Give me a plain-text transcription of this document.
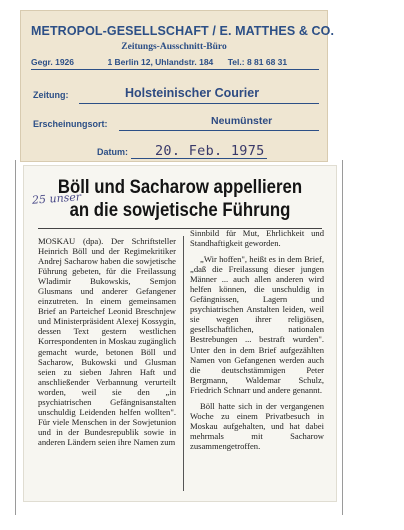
METROPOL-GESELLSCHAFT / E. MATTHES & CO.
Zeitungs-Ausschnitt-Büro
Gegr. 1926	1 Berlin 12, Uhlandstr. 184 Tel.: 8 81 68 31
Zeitung:	Holsteinischer Courier
Erscheinungsort:	Neumünster
Datum: 20. Feb. 1975
25 unser
Böll und Sacharow appellieren
an die sowjetische Führung

MOSKAU (dpa). Der Schriftsteller Heinrich Böll und der Regimekritiker Andrej Sacharow haben die sowjetische Führung gebeten, für die Freilassung Wladimir Bukowskis, Semjon Glusmans und anderer Gefangener einzutreten. In einem gemeinsamen Brief an Parteichef Leonid Breschnjew und Ministerpräsident Alexej Kossygin, dessen Text gestern westlichen Korrespondenten in Moskau zugänglich gemacht wurde, betonen Böll und Sacharow, Bukowski und Glusman seien zu sieben Jahren Haft und anschließender Verbannung verurteilt worden, weil sie den „in psychiatrischen Gefängnisanstalten unschuldig Leidenden helfen wollten". Für viele Menschen in der Sowjetunion und in der Bundesrepublik sowie in anderen Ländern seien ihre Namen zum

Sinnbild für Mut, Ehrlichkeit und Standhaftigkeit geworden.

„Wir hoffen", heißt es in dem Brief, „daß die Freilassung dieser jungen Männer ... auch allen anderen wird helfen können, die unschuldig in Gefängnissen, Lagern und psychiatrischen Anstalten leiden, weil sie wegen ihrer religiösen, gesellschaftlichen, nationalen Bestrebungen ... bestraft wurden". Unter den in dem Brief aufgezählten Namen von Gefangenen werden auch die deutschstämmigen Peter Bergmann, Waldemar Schulz, Friedrich Schnarr und andere genannt.

Böll hatte sich in der vergangenen Woche zu einem Privatbesuch in Moskau aufgehalten, und hat dabei mehrmals mit Sacharow zusammengetroffen.
